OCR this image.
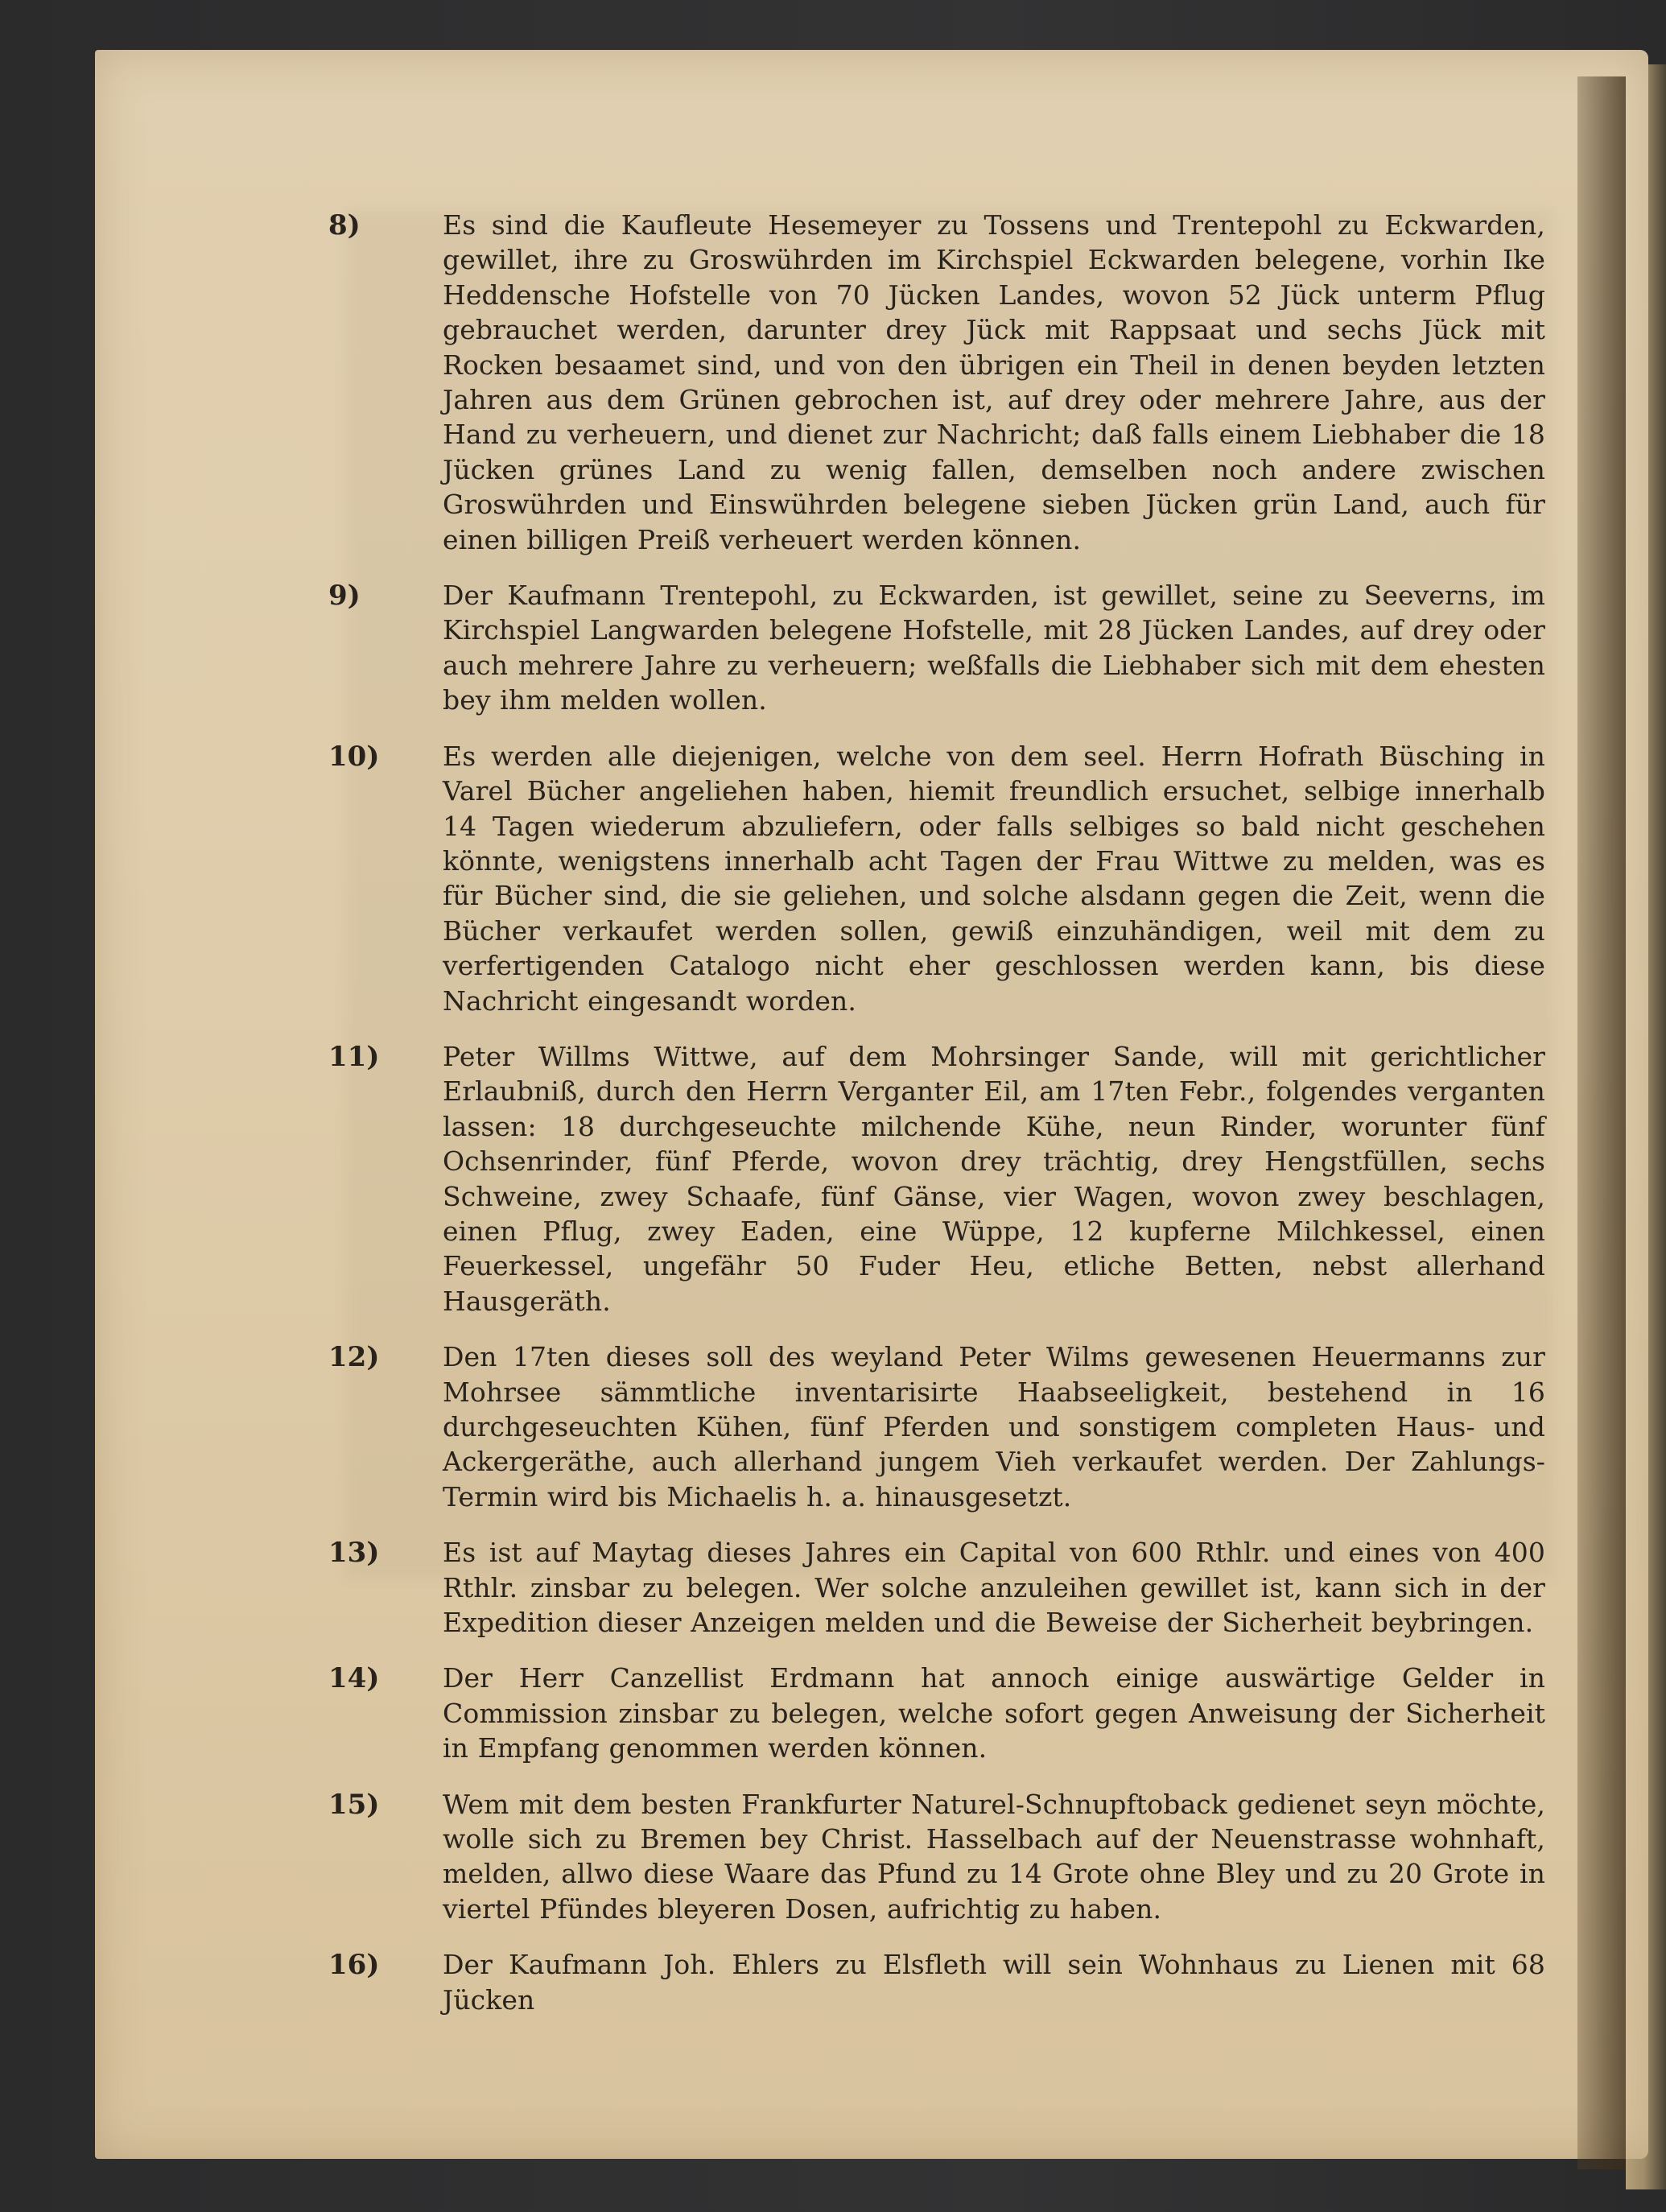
8)	Es sind die Kaufleute Hesemeyer zu Tossens und Trentepohl zu Eckwarden, gewillet, ihre zu Groswührden im Kirchspiel Eckwarden belegene, vorhin Ike Heddensche Hofstelle von 70 Jücken Landes, wovon 52 Jück unterm Pflug gebrauchet werden, darunter drey Jück mit Rappsaat und sechs Jück mit Rocken besaamet sind, und von den übrigen ein Theil in denen beyden letzten Jahren aus dem Grünen gebrochen ist, auf drey oder mehrere Jahre, aus der Hand zu verheuern, und dienet zur Nachricht; daß falls einem Liebhaber die 18 Jücken grünes Land zu wenig fallen, demselben noch andere zwischen Groswührden und Einswührden belegene sieben Jücken grün Land, auch für einen billigen Preiß verheuert werden können.
9)	Der Kaufmann Trentepohl, zu Eckwarden, ist gewillet, seine zu Seeverns, im Kirchspiel Langwarden belegene Hofstelle, mit 28 Jücken Landes, auf drey oder auch mehrere Jahre zu verheuern; weßfalls die Liebhaber sich mit dem ehesten bey ihm melden wollen.
10)	Es werden alle diejenigen, welche von dem seel. Herrn Hofrath Büsching in Varel Bücher angeliehen haben, hiemit freundlich ersuchet, selbige innerhalb 14 Tagen wiederum abzuliefern, oder falls selbiges so bald nicht geschehen könnte, wenigstens innerhalb acht Tagen der Frau Wittwe zu melden, was es für Bücher sind, die sie geliehen, und solche alsdann gegen die Zeit, wenn die Bücher verkaufet werden sollen, gewiß einzuhändigen, weil mit dem zu verfertigenden Catalogo nicht eher geschlossen werden kann, bis diese Nachricht eingesandt worden.
11)	Peter Willms Wittwe, auf dem Mohrsinger Sande, will mit gerichtlicher Erlaubniß, durch den Herrn Verganter Eil, am 17ten Febr., folgendes verganten lassen: 18 durchgeseuchte milchende Kühe, neun Rinder, worunter fünf Ochsenrinder, fünf Pferde, wovon drey trächtig, drey Hengstfüllen, sechs Schweine, zwey Schaafe, fünf Gänse, vier Wagen, wovon zwey beschlagen, einen Pflug, zwey Eaden, eine Wüppe, 12 kupferne Milchkessel, einen Feuerkessel, ungefähr 50 Fuder Heu, etliche Betten, nebst allerhand Hausgeräth.
12)	Den 17ten dieses soll des weyland Peter Wilms gewesenen Heuermanns zur Mohrsee sämmtliche inventarisirte Haabseeligkeit, bestehend in 16 durchgeseuchten Kühen, fünf Pferden und sonstigem completen Haus- und Ackergeräthe, auch allerhand jungem Vieh verkaufet werden. Der Zahlungs-Termin wird bis Michaelis h. a. hinausgesetzt.
13)	Es ist auf Maytag dieses Jahres ein Capital von 600 Rthlr. und eines von 400 Rthlr. zinsbar zu belegen. Wer solche anzuleihen gewillet ist, kann sich in der Expedition dieser Anzeigen melden und die Beweise der Sicherheit beybringen.
14)	Der Herr Canzellist Erdmann hat annoch einige auswärtige Gelder in Commission zinsbar zu belegen, welche sofort gegen Anweisung der Sicherheit in Empfang genommen werden können.
15)	Wem mit dem besten Frankfurter Naturel-Schnupftoback gedienet seyn möchte, wolle sich zu Bremen bey Christ. Hasselbach auf der Neuenstrasse wohnhaft, melden, allwo diese Waare das Pfund zu 14 Grote ohne Bley und zu 20 Grote in viertel Pfündes bleyeren Dosen, aufrichtig zu haben.
16)	Der Kaufmann Joh. Ehlers zu Elsfleth will sein Wohnhaus zu Lienen mit 68 Jücken
